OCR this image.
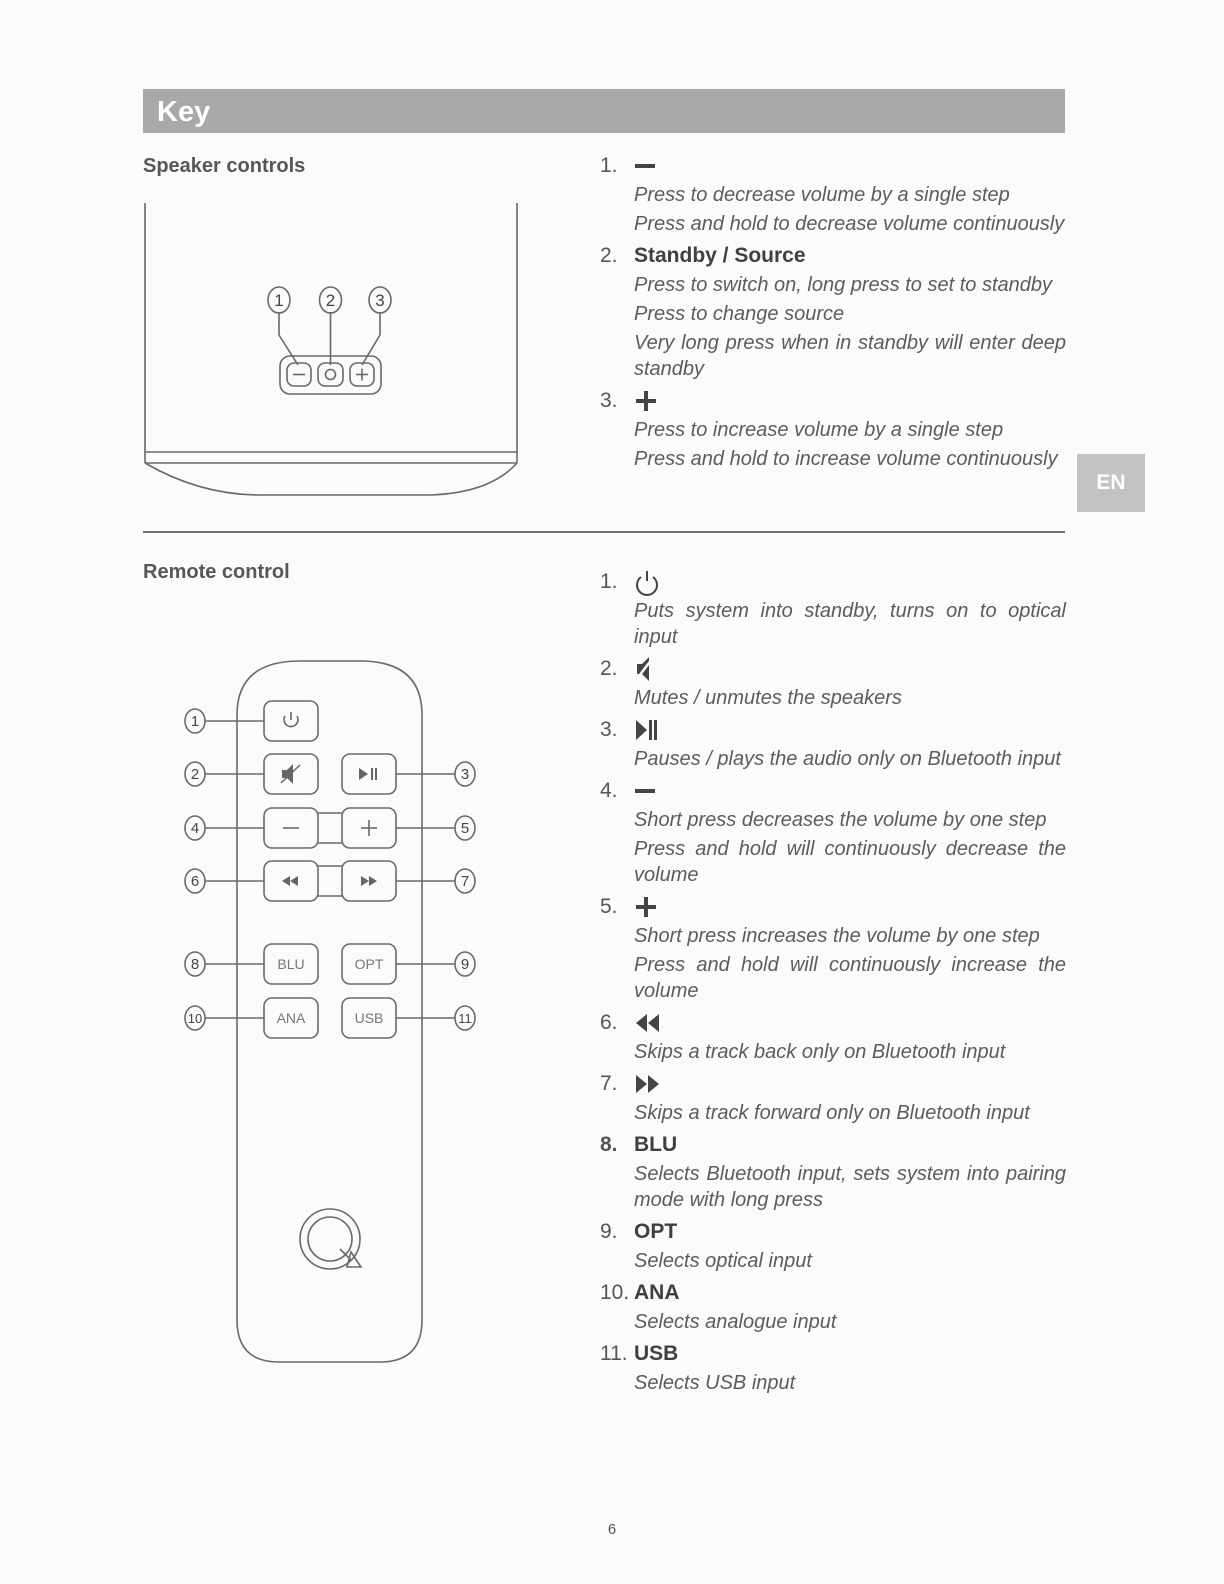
Key
Speaker controls
Remote control
1 2 3
1.

Press to decrease volume by a single step

Press and hold to decrease volume continuously

2. Standby / Source

Press to switch on, long press to set to standby

Press to change source

Very long press when in standby will enter deep standby

3.

Press to increase volume by a single step

Press and hold to increase volume continuously

EN
BLU	OPT
ANA	USB
1
2	3
4	5
6	7
8	9
10	11
1.

Puts system into standby, turns on to optical input

2.

Mutes / unmutes the speakers

3.

Pauses / plays the audio only on Bluetooth input

4.

Short press decreases the volume by one step

Press and hold will continuously decrease the volume

5.

Short press increases the volume by one step

Press and hold will continuously increase the volume

6.

Skips a track back only on Bluetooth input

7.

Skips a track forward only on Bluetooth input

8. BLU

Selects Bluetooth input, sets system into pairing mode with long press

9. OPT

Selects optical input

10. ANA

Selects analogue input

11. USB

Selects USB input

6
